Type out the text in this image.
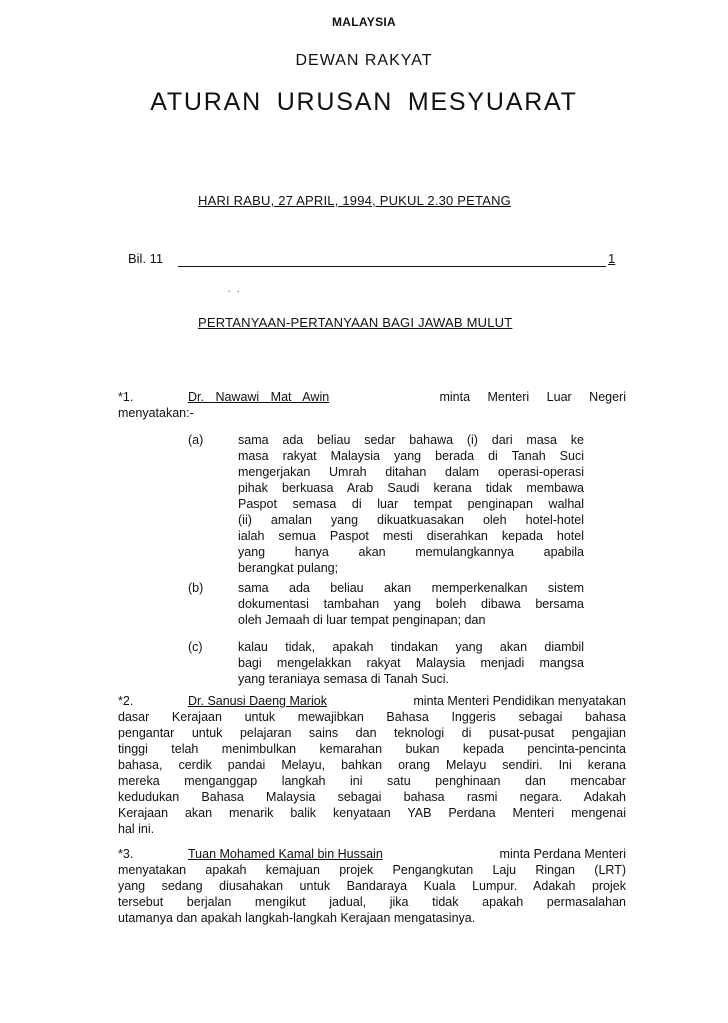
MALAYSIA
DEWAN RAKYAT
ATURAN URUSAN MESYUARAT
HARI RABU, 27 APRIL, 1994, PUKUL 2.30 PETANG
Bil. 11	1
. .
PERTANYAAN-PERTANYAAN BAGI JAWAB MULUT
*1.	Dr. Nawawi Mat Awin	minta Menteri Luar Negeri
menyatakan:-
(a)	sama ada beliau sedar bahawa (i) dari masa ke
masa rakyat Malaysia yang berada di Tanah Suci
mengerjakan Umrah ditahan dalam operasi-operasi
pihak berkuasa Arab Saudi kerana tidak membawa
Paspot semasa di luar tempat penginapan walhal
(ii) amalan yang dikuatkuasakan oleh hotel-hotel
ialah semua Paspot mesti diserahkan kepada hotel
yang hanya akan memulangkannya apabila
berangkat pulang;
(b)	sama ada beliau akan memperkenalkan sistem
dokumentasi tambahan yang boleh dibawa bersama
oleh Jemaah di luar tempat penginapan; dan
(c)	kalau tidak, apakah tindakan yang akan diambil
bagi mengelakkan rakyat Malaysia menjadi mangsa
yang teraniaya semasa di Tanah Suci.
*2.	Dr. Sanusi Daeng Mariok	minta Menteri Pendidikan menyatakan
dasar Kerajaan untuk mewajibkan Bahasa Inggeris sebagai bahasa
pengantar untuk pelajaran sains dan teknologi di pusat-pusat pengajian
tinggi telah menimbulkan kemarahan bukan kepada pencinta-pencinta
bahasa, cerdik pandai Melayu, bahkan orang Melayu sendiri. Ini kerana
mereka menganggap langkah ini satu penghinaan dan mencabar
kedudukan Bahasa Malaysia sebagai bahasa rasmi negara. Adakah
Kerajaan akan menarik balik kenyataan YAB Perdana Menteri mengenai
hal ini.
*3.	Tuan Mohamed Kamal bin Hussain	minta Perdana Menteri
menyatakan apakah kemajuan projek Pengangkutan Laju Ringan (LRT)
yang sedang diusahakan untuk Bandaraya Kuala Lumpur. Adakah projek
tersebut berjalan mengikut jadual, jika tidak apakah permasalahan
utamanya dan apakah langkah-langkah Kerajaan mengatasinya.
